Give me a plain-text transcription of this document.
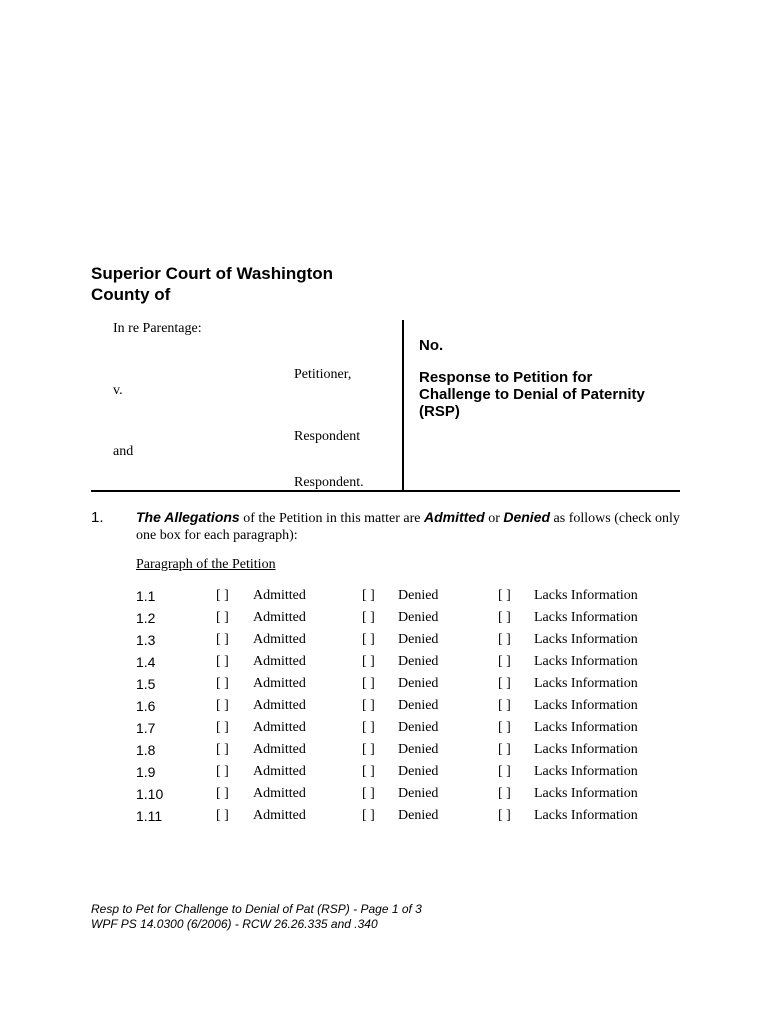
Superior Court of Washington
County of
In re Parentage:
Petitioner,
v.
Respondent
and
Respondent.
No.
Response to Petition for
Challenge to Denial of Paternity
(RSP)
1. The Allegations of the Petition in this matter are Admitted or Denied as follows (check only one box for each paragraph):
Paragraph of the Petition
1.1	[ ] Admitted	[ ] Denied	[ ] Lacks Information
1.2	[ ] Admitted	[ ] Denied	[ ] Lacks Information
1.3	[ ] Admitted	[ ] Denied	[ ] Lacks Information
1.4	[ ] Admitted	[ ] Denied	[ ] Lacks Information
1.5	[ ] Admitted	[ ] Denied	[ ] Lacks Information
1.6	[ ] Admitted	[ ] Denied	[ ] Lacks Information
1.7	[ ] Admitted	[ ] Denied	[ ] Lacks Information
1.8	[ ] Admitted	[ ] Denied	[ ] Lacks Information
1.9	[ ] Admitted	[ ] Denied	[ ] Lacks Information
1.10	[ ] Admitted	[ ] Denied	[ ] Lacks Information
1.11	[ ] Admitted	[ ] Denied	[ ] Lacks Information
Resp to Pet for Challenge to Denial of Pat (RSP) - Page 1 of 3
WPF PS 14.0300 (6/2006) - RCW 26.26.335 and .340
